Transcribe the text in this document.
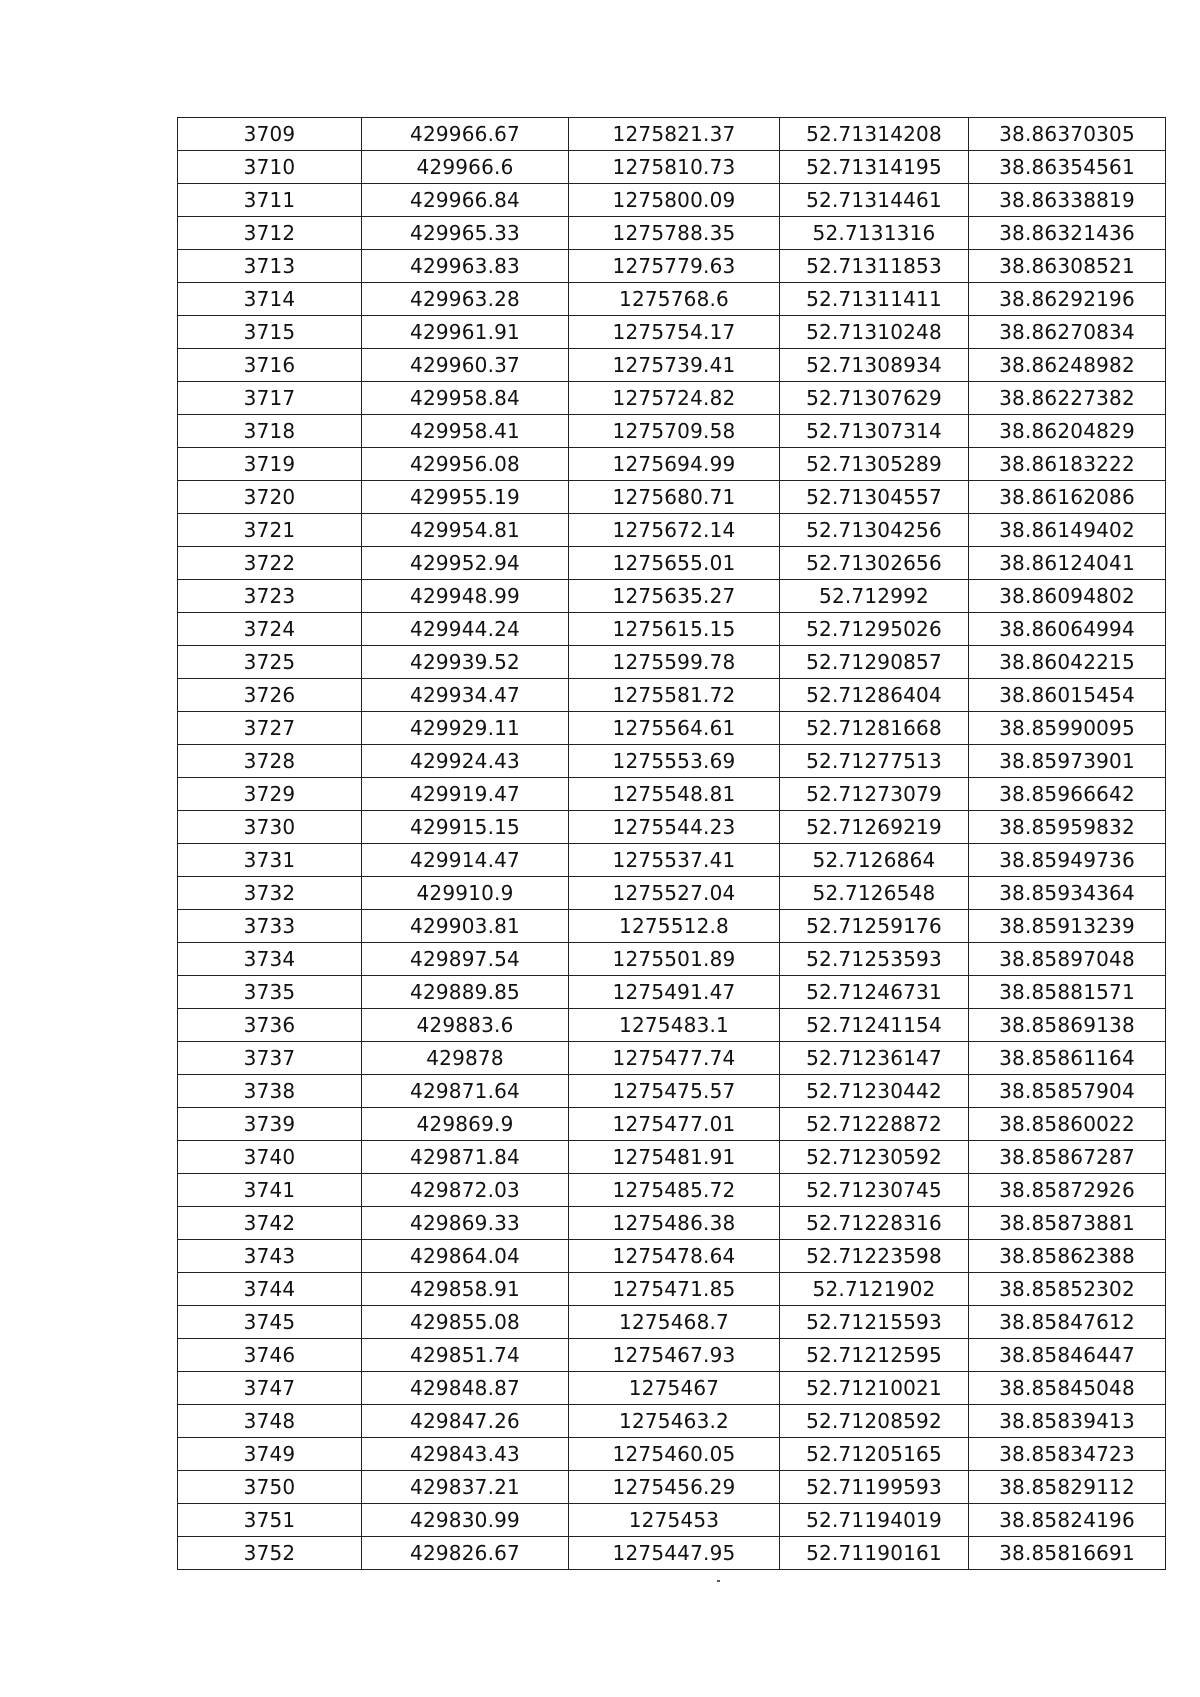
3709	429966.67	1275821.37	52.71314208	38.86370305
3710	429966.6	1275810.73	52.71314195	38.86354561
3711	429966.84	1275800.09	52.71314461	38.86338819
3712	429965.33	1275788.35	52.7131316	38.86321436
3713	429963.83	1275779.63	52.71311853	38.86308521
3714	429963.28	1275768.6	52.71311411	38.86292196
3715	429961.91	1275754.17	52.71310248	38.86270834
3716	429960.37	1275739.41	52.71308934	38.86248982
3717	429958.84	1275724.82	52.71307629	38.86227382
3718	429958.41	1275709.58	52.71307314	38.86204829
3719	429956.08	1275694.99	52.71305289	38.86183222
3720	429955.19	1275680.71	52.71304557	38.86162086
3721	429954.81	1275672.14	52.71304256	38.86149402
3722	429952.94	1275655.01	52.71302656	38.86124041
3723	429948.99	1275635.27	52.712992	38.86094802
3724	429944.24	1275615.15	52.71295026	38.86064994
3725	429939.52	1275599.78	52.71290857	38.86042215
3726	429934.47	1275581.72	52.71286404	38.86015454
3727	429929.11	1275564.61	52.71281668	38.85990095
3728	429924.43	1275553.69	52.71277513	38.85973901
3729	429919.47	1275548.81	52.71273079	38.85966642
3730	429915.15	1275544.23	52.71269219	38.85959832
3731	429914.47	1275537.41	52.7126864	38.85949736
3732	429910.9	1275527.04	52.7126548	38.85934364
3733	429903.81	1275512.8	52.71259176	38.85913239
3734	429897.54	1275501.89	52.71253593	38.85897048
3735	429889.85	1275491.47	52.71246731	38.85881571
3736	429883.6	1275483.1	52.71241154	38.85869138
3737	429878	1275477.74	52.71236147	38.85861164
3738	429871.64	1275475.57	52.71230442	38.85857904
3739	429869.9	1275477.01	52.71228872	38.85860022
3740	429871.84	1275481.91	52.71230592	38.85867287
3741	429872.03	1275485.72	52.71230745	38.85872926
3742	429869.33	1275486.38	52.71228316	38.85873881
3743	429864.04	1275478.64	52.71223598	38.85862388
3744	429858.91	1275471.85	52.7121902	38.85852302
3745	429855.08	1275468.7	52.71215593	38.85847612
3746	429851.74	1275467.93	52.71212595	38.85846447
3747	429848.87	1275467	52.71210021	38.85845048
3748	429847.26	1275463.2	52.71208592	38.85839413
3749	429843.43	1275460.05	52.71205165	38.85834723
3750	429837.21	1275456.29	52.71199593	38.85829112
3751	429830.99	1275453	52.71194019	38.85824196
3752	429826.67	1275447.95	52.71190161	38.85816691
